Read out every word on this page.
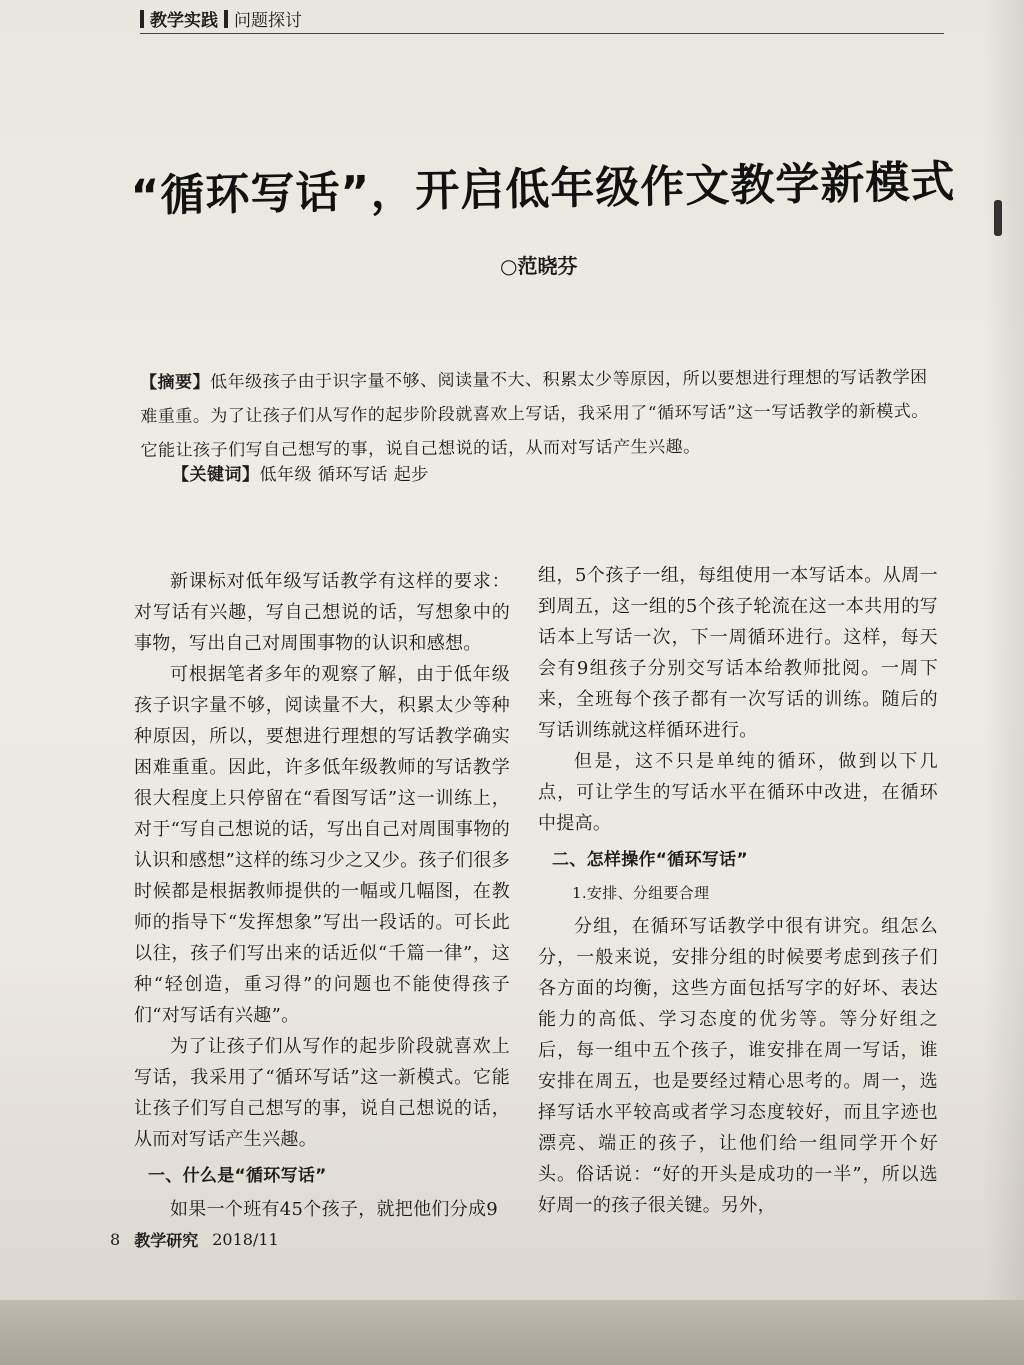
教学实践 问题探讨
“循环写话”，开启低年级作文教学新模式
○范晓芬
【摘要】低年级孩子由于识字量不够、阅读量不大、积累太少等原因，所以要想进行理想的写话教学困难重重。为了让孩子们从写作的起步阶段就喜欢上写话，我采用了“循环写话”这一写话教学的新模式。它能让孩子们写自己想写的事，说自己想说的话，从而对写话产生兴趣。
【关键词】低年级 循环写话 起步

新课标对低年级写话教学有这样的要求：对写话有兴趣，写自己想说的话，写想象中的事物，写出自己对周围事物的认识和感想。

可根据笔者多年的观察了解，由于低年级孩子识字量不够，阅读量不大，积累太少等种种原因，所以，要想进行理想的写话教学确实困难重重。因此，许多低年级教师的写话教学很大程度上只停留在“看图写话”这一训练上，对于“写自己想说的话，写出自己对周围事物的认识和感想”这样的练习少之又少。孩子们很多时候都是根据教师提供的一幅或几幅图，在教师的指导下“发挥想象”写出一段话的。可长此以往，孩子们写出来的话近似“千篇一律”，这种“轻创造，重习得”的问题也不能使得孩子们“对写话有兴趣”。

为了让孩子们从写作的起步阶段就喜欢上写话，我采用了“循环写话”这一新模式。它能让孩子们写自己想写的事，说自己想说的话，从而对写话产生兴趣。

一、什么是“循环写话”

如果一个班有45个孩子，就把他们分成9

组，5个孩子一组，每组使用一本写话本。从周一到周五，这一组的5个孩子轮流在这一本共用的写话本上写话一次，下一周循环进行。这样，每天会有9组孩子分别交写话本给教师批阅。一周下来，全班每个孩子都有一次写话的训练。随后的写话训练就这样循环进行。

但是，这不只是单纯的循环，做到以下几点，可让学生的写话水平在循环中改进，在循环中提高。

二、怎样操作“循环写话”
1.安排、分组要合理

分组，在循环写话教学中很有讲究。组怎么分，一般来说，安排分组的时候要考虑到孩子们各方面的均衡，这些方面包括写字的好坏、表达能力的高低、学习态度的优劣等。等分好组之后，每一组中五个孩子，谁安排在周一写话，谁安排在周五，也是要经过精心思考的。周一，选择写话水平较高或者学习态度较好，而且字迹也漂亮、端正的孩子，让他们给一组同学开个好头。俗话说：“好的开头是成功的一半”，所以选好周一的孩子很关键。另外，

8 教学研究 2018/11
